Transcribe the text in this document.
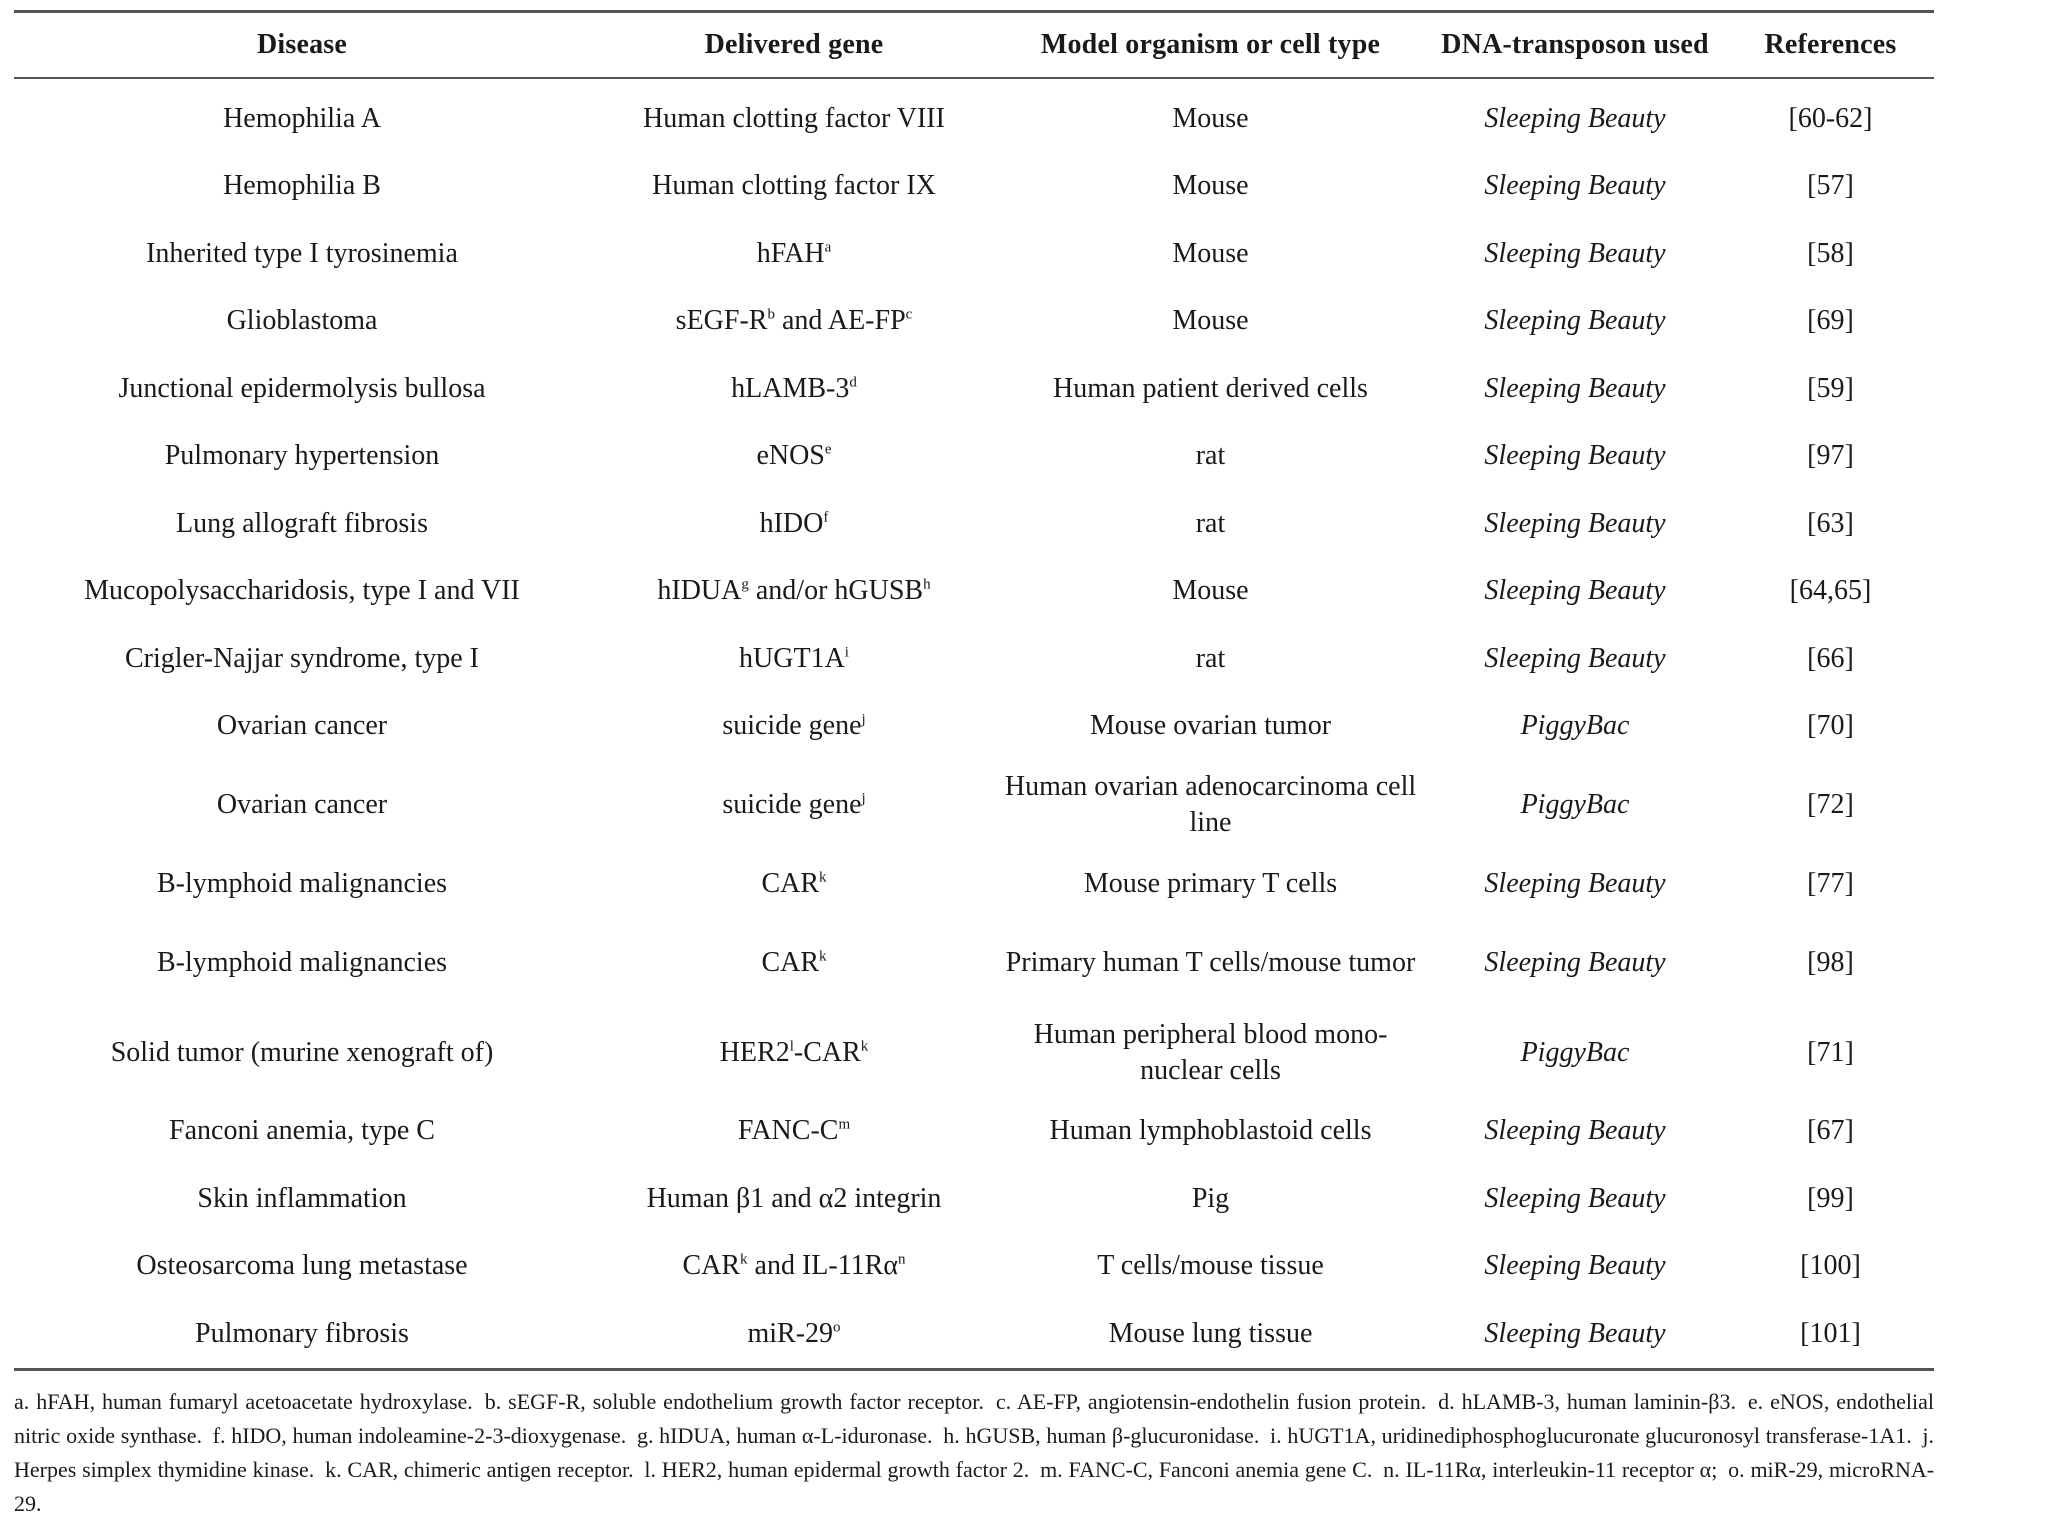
Disease	Delivered gene	Model organism or cell type	DNA-transposon used	References
Hemophilia A	Human clotting factor VIII	Mouse	Sleeping Beauty	[60-62]
Hemophilia B	Human clotting factor IX	Mouse	Sleeping Beauty	[57]
Inherited type I tyrosinemia	hFAH$^a$	Mouse	Sleeping Beauty	[58]
Glioblastoma	sEGF-$R^b$ and $AE-FP^c$	Mouse	Sleeping Beauty	[69]
Junctional epidermolysis bullosa	hLAMB-3$^d$	Human patient derived cells	Sleeping Beauty	[59]
Pulmonary hypertension	eNOS$^e$	rat	Sleeping Beauty	[97]
Lung allograft fibrosis	hIDO$^f$	rat	Sleeping Beauty	[63]
Mucopolysaccharidosis, type I and VII	hIDUA$^g$ and/or hGUSB$^h$	Mouse	Sleeping Beauty	[64,65]
Crigler-Najjar syndrome, type I	$hUGT1A^i$	rat	Sleeping Beauty	[66]
Ovarian cancer	suicide gene$^j$	Mouse ovarian tumor	PiggyBac	[70]
Ovarian cancer	suicide gene$^j$	Human ovarian adenocarcinoma cell line	PiggyBac	[72]
B-lymphoid malignancies	CAR$^k$	Mouse primary T cells	Sleeping Beauty	[77]
B-lymphoid malignancies	CAR$^k$	Primary human T cells/mouse tumor	Sleeping Beauty	[98]
Solid tumor (murine xenograft of)	HER2$^l$-CAR$^k$	Human peripheral blood mono-nuclear cells	PiggyBac	[71]
Fanconi anemia, type C	FANC-$C^m$	Human lymphoblastoid cells	Sleeping Beauty	[67]
Skin inflammation	Human β1 and α2 integrin	Pig	Sleeping Beauty	[99]
Osteosarcoma lung metastase	CAR$^k$ and $IL-11R\alpha^n$	T cells/mouse tissue	Sleeping Beauty	[100]
Pulmonary fibrosis	miR-29$^o$	Mouse lung tissue	Sleeping Beauty	[101]
a. hFAH, human fumaryl acetoacetate hydroxylase. b. sEGF-R, soluble endothelium growth factor receptor. c. AE-FP, angiotensin-endothelin fusion protein. d. hLAMB-3, human laminin-β3. e. eNOS, endothelial nitric oxide synthase. f. hIDO, human indoleamine-2-3-dioxygenase. g. hIDUA, human α-L-iduronase. h. hGUSB, human β-glucuronidase. i. hUGT1A, uridinediphosphoglucuronate glucuronosyl transferase-1A1. j. Herpes simplex thymidine kinase. k. CAR, chimeric antigen receptor. l. HER2, human epidermal growth factor 2. m. FANC-C, Fanconi anemia gene C. n. IL-11Rα, interleukin-11 receptor α; o. miR-29, microRNA-29.
